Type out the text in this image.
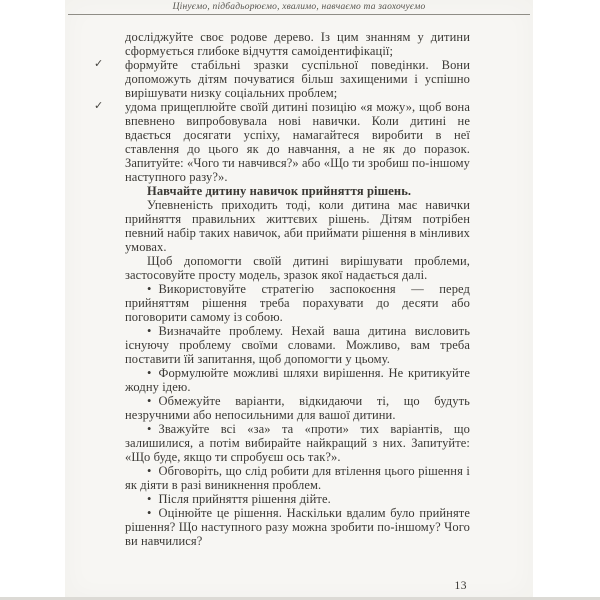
Цінуємо, підбадьорюємо, хвалимо, навчаємо та заохочуємо

досліджуйте своє родове дерево. Із цим знанням у дитини сформується глибоке відчуття самоідентифікації;

✓ формуйте стабільні зразки суспільної поведінки. Вони допоможуть дітям почуватися більш захищеними і успішно вирішувати низку соціальних проблем;

✓ удома прищеплюйте своїй дитині позицію «я можу», щоб вона впевнено випробовувала нові навички. Коли дитині не вдається досягати успіху, намагайтеся виробити в неї ставлення до цього як до навчання, а не як до поразок. Запитуйте: «Чого ти навчився?» або «Що ти зробиш по-іншому наступного разу?».

Навчайте дитину навичок прийняття рішень.

Упевненість приходить тоді, коли дитина має навички прийняття правильних життєвих рішень. Дітям потрібен певний набір таких навичок, аби приймати рішення в мінливих умовах.

Щоб допомогти своїй дитині вирішувати проблеми, застосовуйте просту модель, зразок якої надається далі.

• Використовуйте стратегію заспокоєння — перед прийняттям рішення треба порахувати до десяти або поговорити самому із собою.

• Визначайте проблему. Нехай ваша дитина висловить існуючу проблему своїми словами. Можливо, вам треба поставити їй запитання, щоб допомогти у цьому.

• Формулюйте можливі шляхи вирішення. Не критикуйте жодну ідею.

• Обмежуйте варіанти, відкидаючи ті, що будуть незручними або непосильними для вашої дитини.

• Зважуйте всі «за» та «проти» тих варіантів, що залишилися, а потім вибирайте найкращий з них. Запитуйте: «Що буде, якщо ти спробуєш ось так?».

• Обговоріть, що слід робити для втілення цього рішення і як діяти в разі виникнення проблем.

• Після прийняття рішення дійте.

• Оцінюйте це рішення. Наскільки вдалим було прийняте рішення? Що наступного разу можна зробити по-іншому? Чого ви навчилися?

13
